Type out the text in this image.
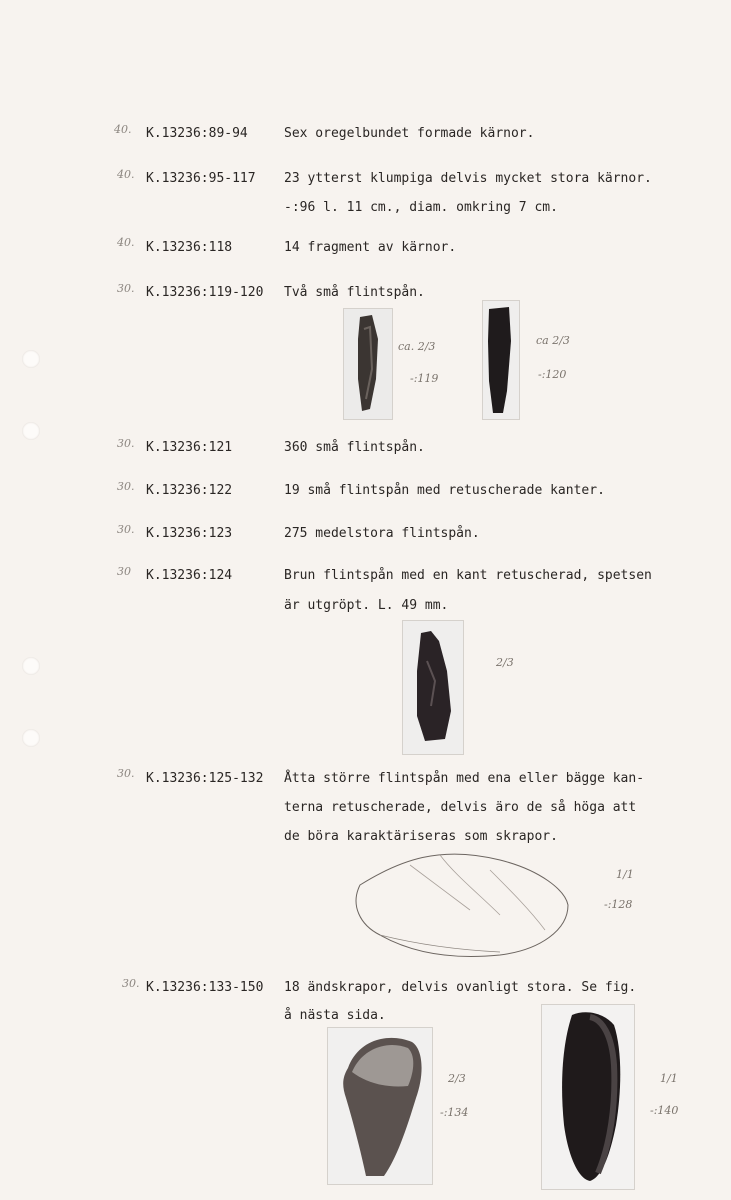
40. K.13236:89-94	Sex oregelbundet formade kärnor.
40. K.13236:95-117 23 ytterst klumpiga delvis mycket stora kärnor.
-:96 l. 11 cm., diam. omkring 7 cm.
40. K.13236:118	14 fragment av kärnor.
30. K.13236:119-120 Två små flintspån.
ca. 2/3
-:119
ca 2/3
-:120
30. K.13236:121	360 små flintspån.
30. K.13236:122	19 små flintspån med retuscherade kanter.
30. K.13236:123	275 medelstora flintspån.
30 K.13236:124	Brun flintspån med en kant retuscherad, spetsen
är utgröpt. L. 49 mm.
2/3
30. K.13236:125-132 Åtta större flintspån med ena eller bägge kan-
terna retuscherade, delvis äro de så höga att
de böra karaktäriseras som skrapor.
1/1
-:128
30. K.13236:133-150 18 ändskrapor, delvis ovanligt stora. Se fig.
å nästa sida.
2/3
-:134
1/1
-:140
